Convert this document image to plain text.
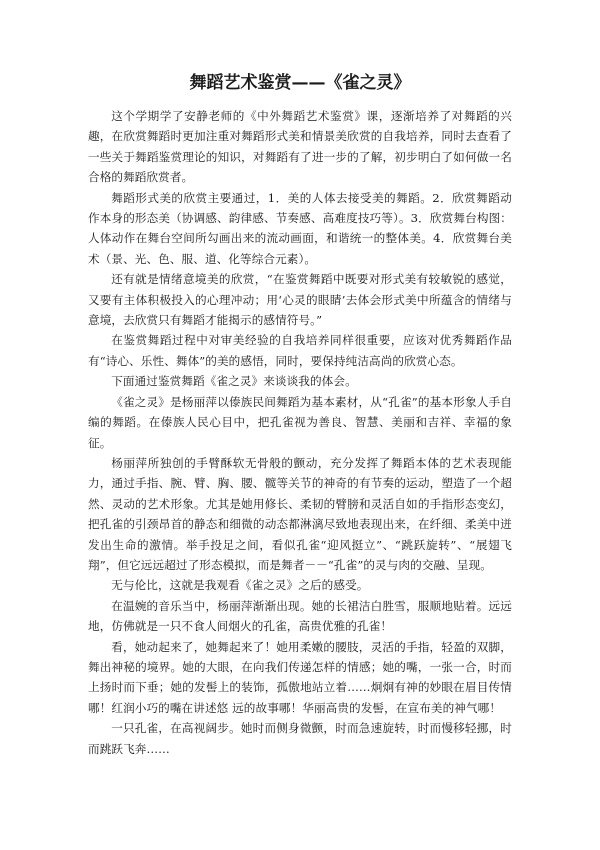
舞蹈艺术鉴赏——《雀之灵》

这个学期学了安静老师的《中外舞蹈艺术鉴赏》课，逐渐培养了对舞蹈的兴趣，在欣赏舞蹈时更加注重对舞蹈形式美和情景美欣赏的自我培养，同时去查看了一些关于舞蹈鉴赏理论的知识，对舞蹈有了进一步的了解，初步明白了如何做一名合格的舞蹈欣赏者。

舞蹈形式美的欣赏主要通过，1．美的人体去接受美的舞蹈。2．欣赏舞蹈动作本身的形态美（协调感、韵律感、节奏感、高难度技巧等）。3．欣赏舞台构图：人体动作在舞台空间所勾画出来的流动画面，和谐统一的整体美。4．欣赏舞台美术（景、光、色、服、道、化等综合元素）。

还有就是情绪意境美的欣赏，“在鉴赏舞蹈中既要对形式美有较敏锐的感觉，又要有主体积极投入的心理冲动；用‘心灵的眼睛’去体会形式美中所蕴含的情绪与意境，去欣赏只有舞蹈才能揭示的感情符号。”

在鉴赏舞蹈过程中对审美经验的自我培养同样很重要，应该对优秀舞蹈作品有“诗心、乐性、舞体”的美的感悟，同时，要保持纯洁高尚的欣赏心态。

下面通过鉴赏舞蹈《雀之灵》来谈谈我的体会。

《雀之灵》是杨丽萍以傣族民间舞蹈为基本素材，从“孔雀”的基本形象人手自编的舞蹈。在傣族人民心目中，把孔雀视为善良、智慧、美丽和吉祥、幸福的象征。

杨丽萍所独创的手臂酥软无骨般的颤动，充分发挥了舞蹈本体的艺术表现能力，通过手指、腕、臂、胸、腰、髋等关节的神奇的有节奏的运动，塑造了一个超然、灵动的艺术形象。尤其是她用修长、柔韧的臂膀和灵活自如的手指形态变幻，把孔雀的引颈昂首的静态和细微的动态都淋漓尽致地表现出来，在纤细、柔美中迸发出生命的激情。举手投足之间，看似孔雀“迎风挺立”、“跳跃旋转”、“展翅飞翔”，但它远远超过了形态模拟，而是舞者－－“孔雀”的灵与肉的交融、呈现。

无与伦比，这就是我观看《雀之灵》之后的感受。

在温婉的音乐当中，杨丽萍渐渐出现。她的长裙洁白胜雪，服顺地贴着。远远地，仿佛就是一只不食人间烟火的孔雀，高贵优雅的孔雀！

看，她动起来了，她舞起来了！她用柔嫩的腰肢，灵活的手指，轻盈的双脚，舞出神秘的境界。她的大眼，在向我们传递怎样的情感；她的嘴，一张一合，时而上扬时而下垂；她的发髻上的装饰，孤傲地站立着……炯炯有神的妙眼在眉目传情哪！红润小巧的嘴在讲述悠 远的故事哪！华丽高贵的发髻，在宣布美的神气哪！

一只孔雀，在高视阔步。她时而侧身微颤，时而急速旋转，时而慢移轻挪，时而跳跃飞奔……
